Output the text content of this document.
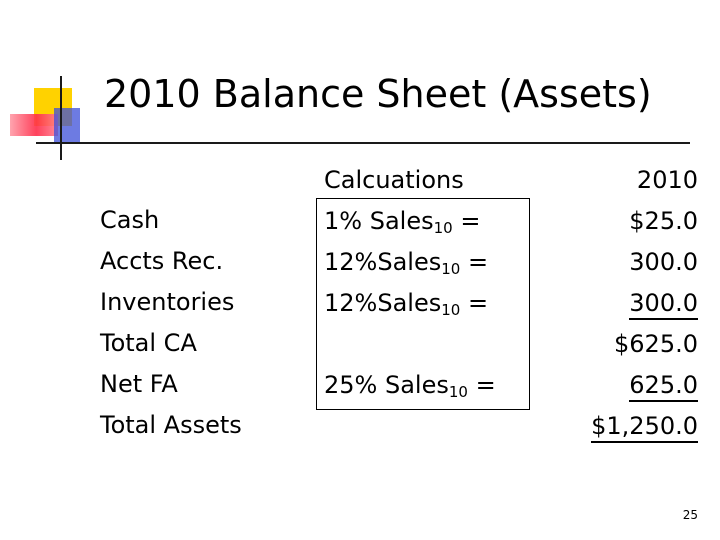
2010 Balance Sheet (Assets)
Cash
Accts Rec.
Inventories
Total CA
Net FA
Total Assets
Calcuations
1% Sales$_{10}$ =
12%Sales$_{10}$ =
12%Sales$_{10}$ =
25% Sales$_{10}$ =
2010
$25.0
300.0
300.0
$625.0
625.0
$1,250.0
25
